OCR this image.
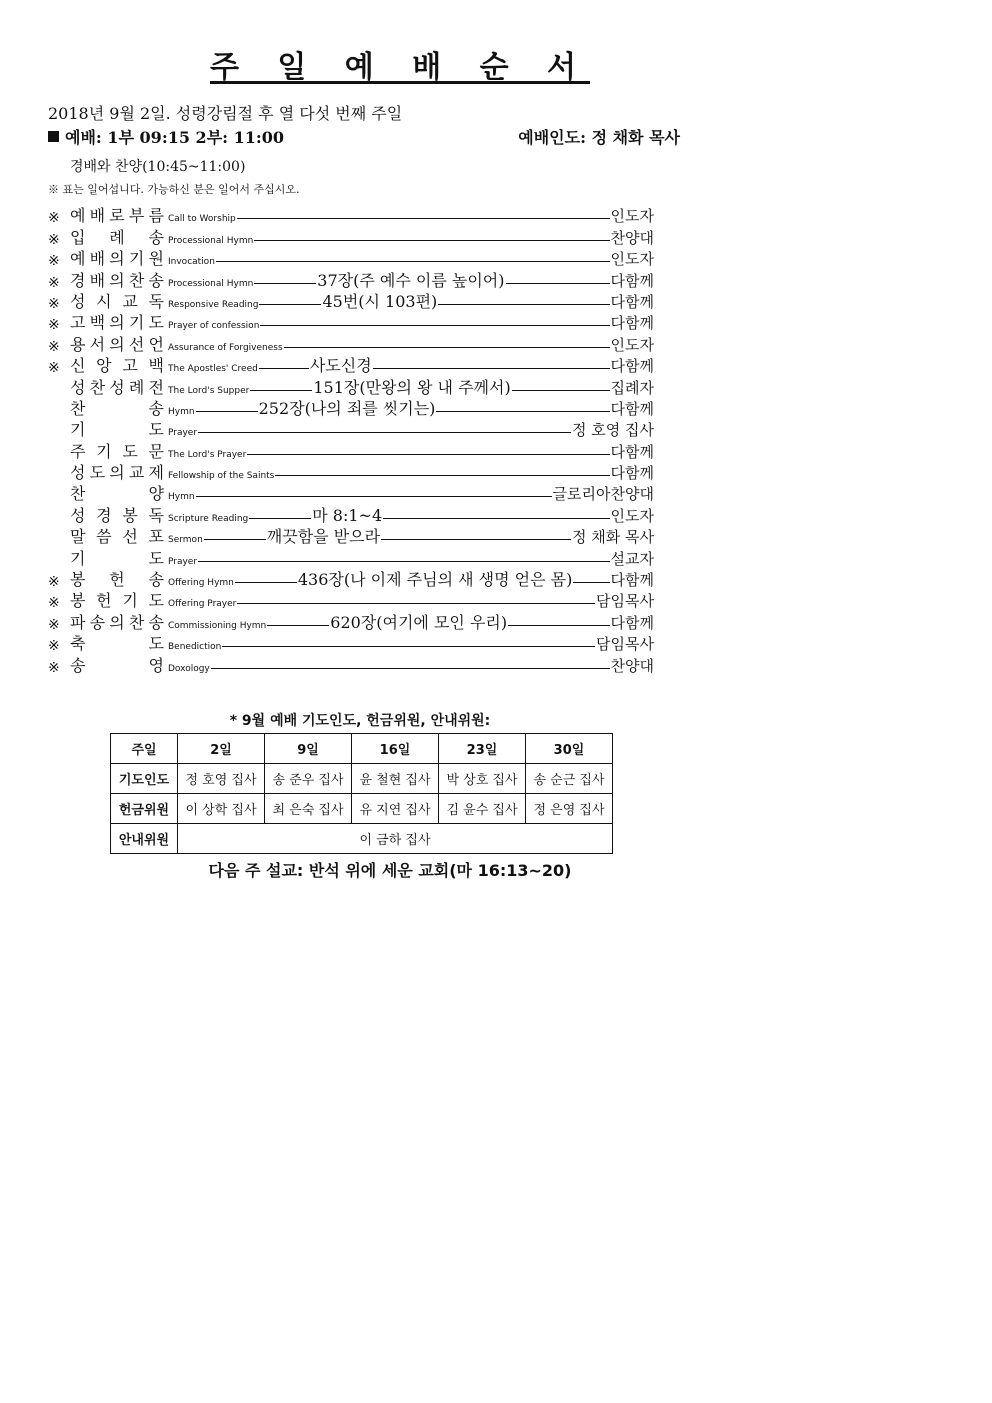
주 일 예 배 순 서
2018년 9월 2일. 성령강림절 후 열 다섯 번째 주일
예배: 1부 09:15 2부: 11:00	예배인도: 정 채화 목사
경배와 찬양(10:45~11:00)
※ 표는 일어섭니다. 가능하신 분은 일어서 주십시오.
※ 예 배 로 부 름 Call to Worship	인도자
※ 입 례 송 Processional Hymn	찬양대
※ 예 배 의 기 원 Invocation	인도자
※ 경 배 의 찬 송 Processional Hymn	37장(주 예수 이름 높이어)	다함께
※ 성 시 교 독 Responsive Reading	45번(시 103편)	다함께
※ 고 백 의 기 도 Prayer of confession	다함께
※ 용 서 의 선 언 Assurance of Forgiveness	인도자
※ 신 앙 고 백 The Apostles' Creed	사도신경	다함께
성 찬 성 례 전 The Lord's Supper	151장(만왕의 왕 내 주께서)	집례자
찬	송 Hymn	252장(나의 죄를 씻기는)	다함께
기	도 Prayer	정 호영 집사
주 기 도 문 The Lord's Prayer	다함께
성 도 의 교 제 Fellowship of the Saints	다함께
찬	양 Hymn	글로리아찬양대
성 경 봉 독 Scripture Reading	마 8:1~4	인도자
말 씀 선 포 Sermon	깨끗함을 받으라	정 채화 목사
기	도 Prayer	설교자
※ 봉 헌 송 Offering Hymn	436장(나 이제 주님의 새 생명 얻은 몸)	다함께
※ 봉 헌 기 도 Offering Prayer	담임목사
※ 파 송 의 찬 송 Commissioning Hymn	620장(여기에 모인 우리)	다함께
※ 축	도 Benediction	담임목사
※ 송	영 Doxology	찬양대
* 9월 예배 기도인도, 헌금위원, 안내위원:
주일	2일	9일	16일	23일	30일
기도인도	정 호영 집사	송 준우 집사	윤 철현 집사	박 상호 집사	송 순근 집사
헌금위원	이 상학 집사	최 은숙 집사	유 지연 집사	김 윤수 집사	정 은영 집사
안내위원	이 금하 집사				
다음 주 설교: 반석 위에 세운 교회(마 16:13~20)
